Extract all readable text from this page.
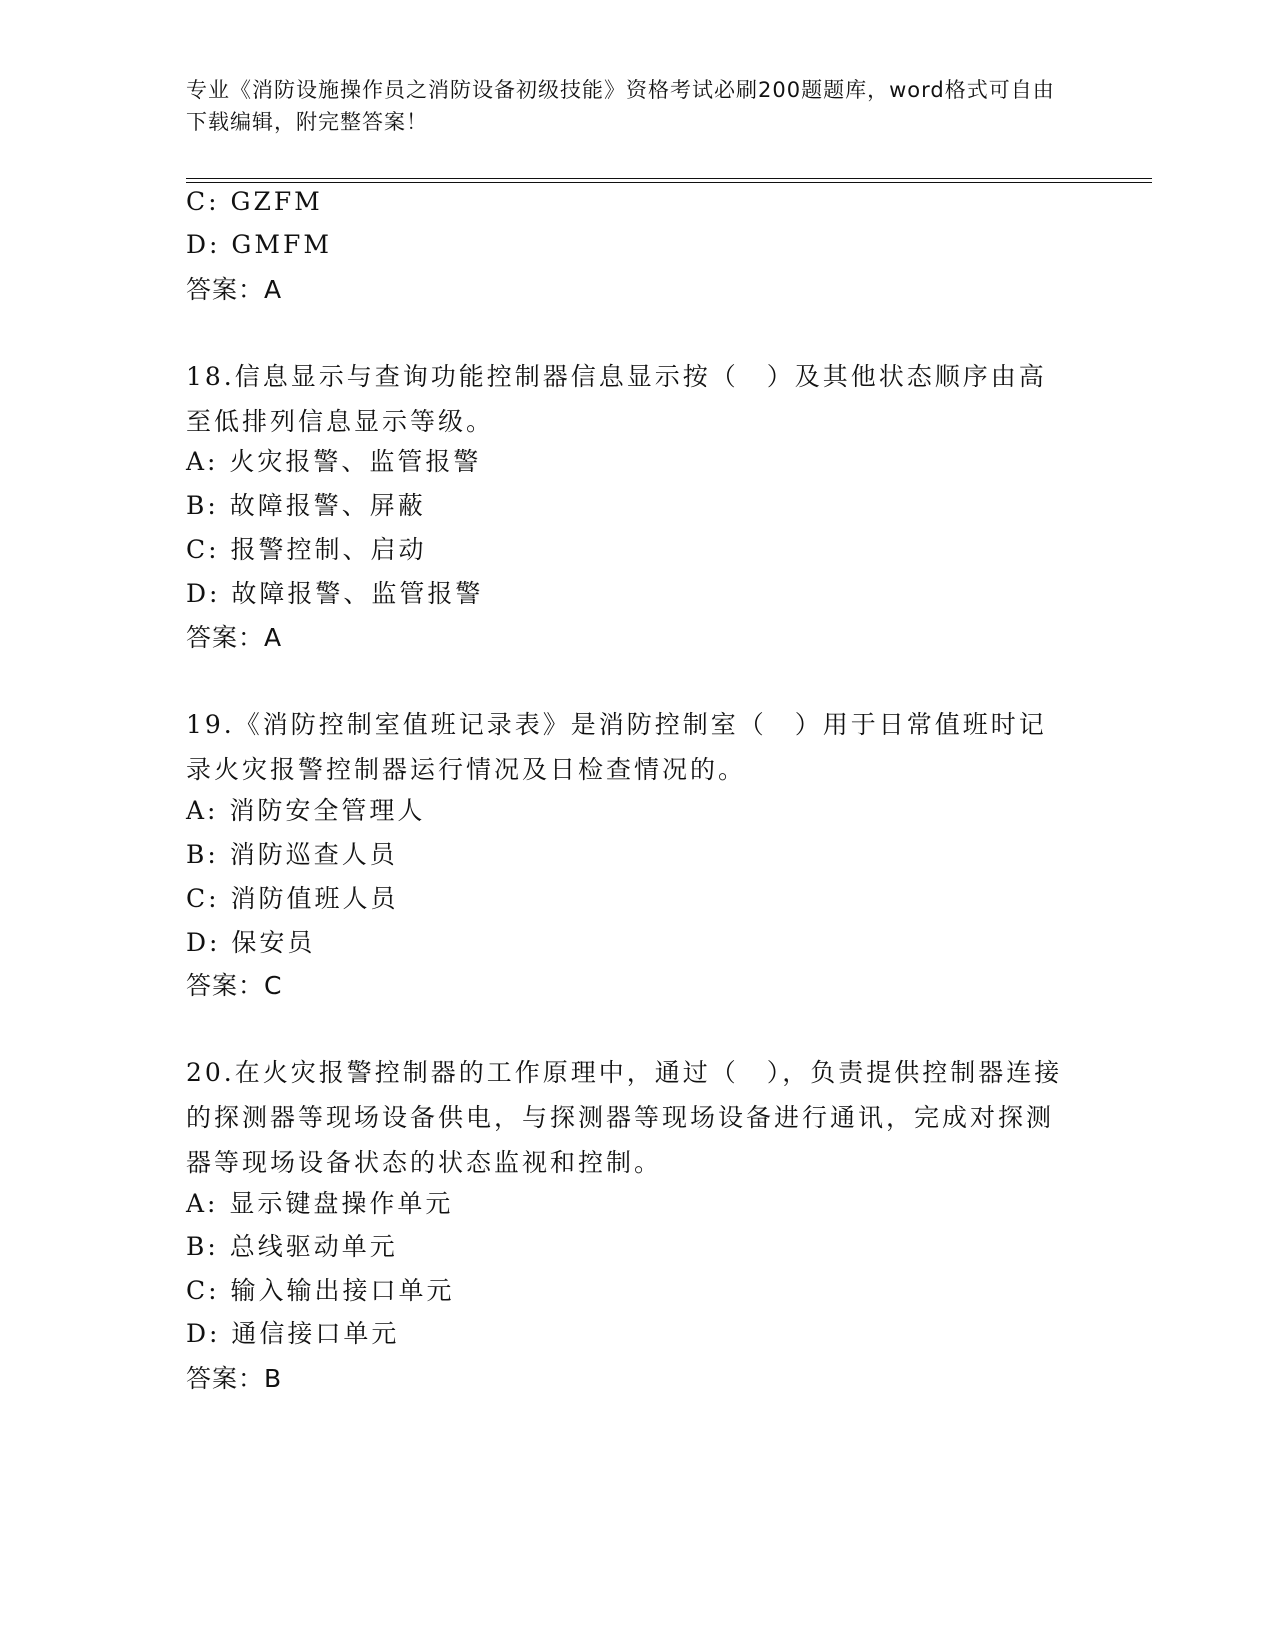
专业《消防设施操作员之消防设备初级技能》资格考试必刷200题题库，word格式可自由下载编辑，附完整答案！
C: GZFM
D: GMFM
答案：A
18.信息显示与查询功能控制器信息显示按（　）及其他状态顺序由高至低排列信息显示等级。
A: 火灾报警、监管报警
B: 故障报警、屏蔽
C: 报警控制、启动
D: 故障报警、监管报警
答案：A
19.《消防控制室值班记录表》是消防控制室（　）用于日常值班时记录火灾报警控制器运行情况及日检查情况的。
A: 消防安全管理人
B: 消防巡查人员
C: 消防值班人员
D: 保安员
答案：C
20.在火灾报警控制器的工作原理中，通过（　），负责提供控制器连接的探测器等现场设备供电，与探测器等现场设备进行通讯，完成对探测器等现场设备状态的状态监视和控制。
A: 显示键盘操作单元
B: 总线驱动单元
C: 输入输出接口单元
D: 通信接口单元
答案：B
